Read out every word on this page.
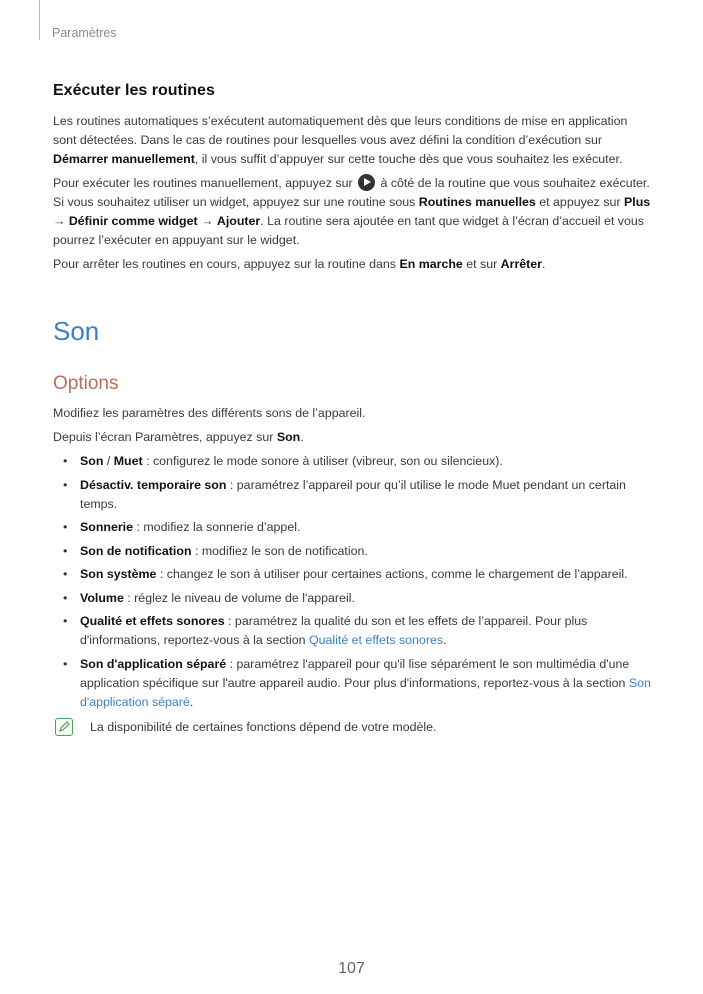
Paramètres
Exécuter les routines

Les routines automatiques s’exécutent automatiquement dès que leurs conditions de mise en application sont détectées. Dans le cas de routines pour lesquelles vous avez défini la condition d’exécution sur Démarrer manuellement, il vous suffit d’appuyer sur cette touche dès que vous souhaitez les exécuter.

Pour exécuter les routines manuellement, appuyez sur  à côté de la routine que vous souhaitez exécuter. Si vous souhaitez utiliser un widget, appuyez sur une routine sous Routines manuelles et appuyez sur Plus → Définir comme widget → Ajouter. La routine sera ajoutée en tant que widget à l’écran d’accueil et vous pourrez l’exécuter en appuyant sur le widget.

Pour arrêter les routines en cours, appuyez sur la routine dans En marche et sur Arrêter.

Son
Options

Modifiez les paramètres des différents sons de l’appareil.

Depuis l’écran Paramètres, appuyez sur Son.

• Son / Muet : configurez le mode sonore à utiliser (vibreur, son ou silencieux).
• Désactiv. temporaire son : paramétrez l’appareil pour qu’il utilise le mode Muet pendant un certain temps.
• Sonnerie : modifiez la sonnerie d’appel.
• Son de notification : modifiez le son de notification.
• Son système : changez le son à utiliser pour certaines actions, comme le chargement de l’appareil.
• Volume : réglez le niveau de volume de l'appareil.
• Qualité et effets sonores : paramétrez la qualité du son et les effets de l’appareil. Pour plus d'informations, reportez-vous à la section Qualité et effets sonores.
• Son d'application séparé : paramétrez l'appareil pour qu'il lise séparément le son multimédia d'une application spécifique sur l'autre appareil audio. Pour plus d'informations, reportez-vous à la section Son d'application séparé.
La disponibilité de certaines fonctions dépend de votre modèle.
107
